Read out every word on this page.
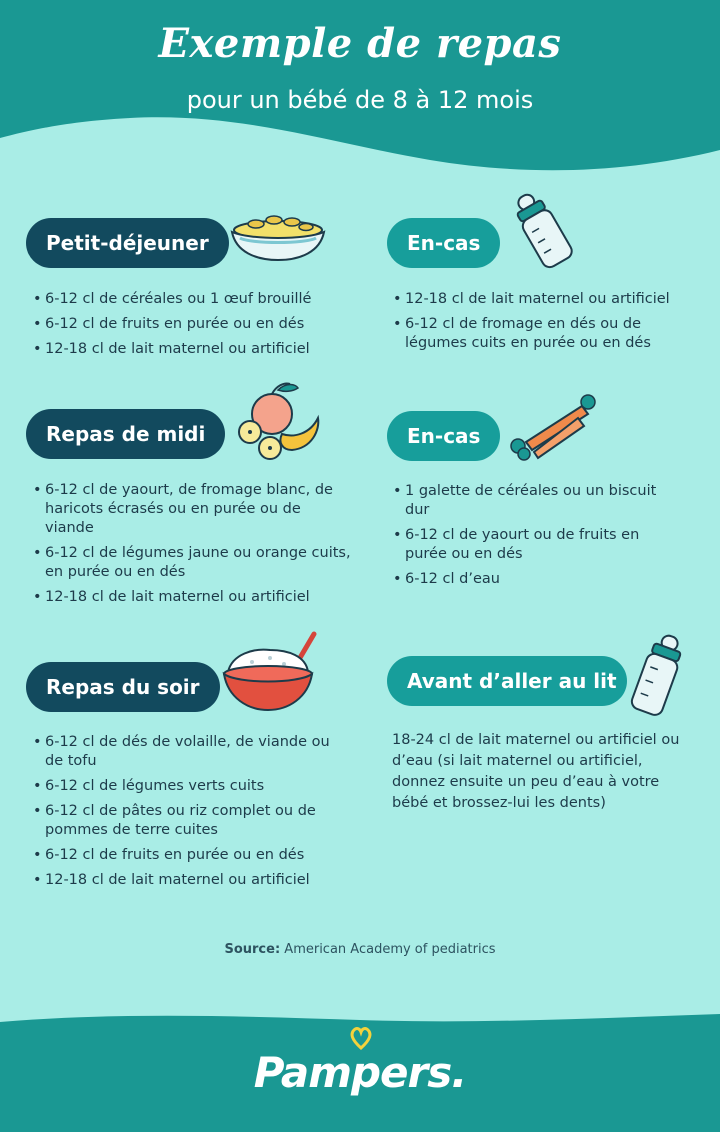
Exemple de repas

pour un bébé de 8 à 12 mois

Petit-déjeuner
• 6-12 cl de céréales ou 1 œuf brouillé
• 6-12 cl de fruits en purée ou en dés
• 12-18 cl de lait maternel ou artificiel
En-cas
• 12-18 cl de lait maternel ou artificiel
• 6-12 cl de fromage en dés ou de légumes cuits en purée ou en dés
Repas de midi
• 6-12 cl de yaourt, de fromage blanc, de haricots écrasés ou en purée ou de viande
• 6-12 cl de légumes jaune ou orange cuits, en purée ou en dés
• 12-18 cl de lait maternel ou artificiel
En-cas
• 1 galette de céréales ou un biscuit dur
• 6-12 cl de yaourt ou de fruits en purée ou en dés
• 6-12 cl d’eau
Repas du soir
• 6-12 cl de dés de volaille, de viande ou de tofu
• 6-12 cl de légumes verts cuits
• 6-12 cl de pâtes ou riz complet ou de pommes de terre cuites
• 6-12 cl de fruits en purée ou en dés
• 12-18 cl de lait maternel ou artificiel
Avant d’aller au lit

18-24 cl de lait maternel ou artificiel ou d’eau (si lait maternel ou artificiel, donnez ensuite un peu d’eau à votre bébé et brossez-lui les dents)

Source: American Academy of pediatrics
Pampers.
